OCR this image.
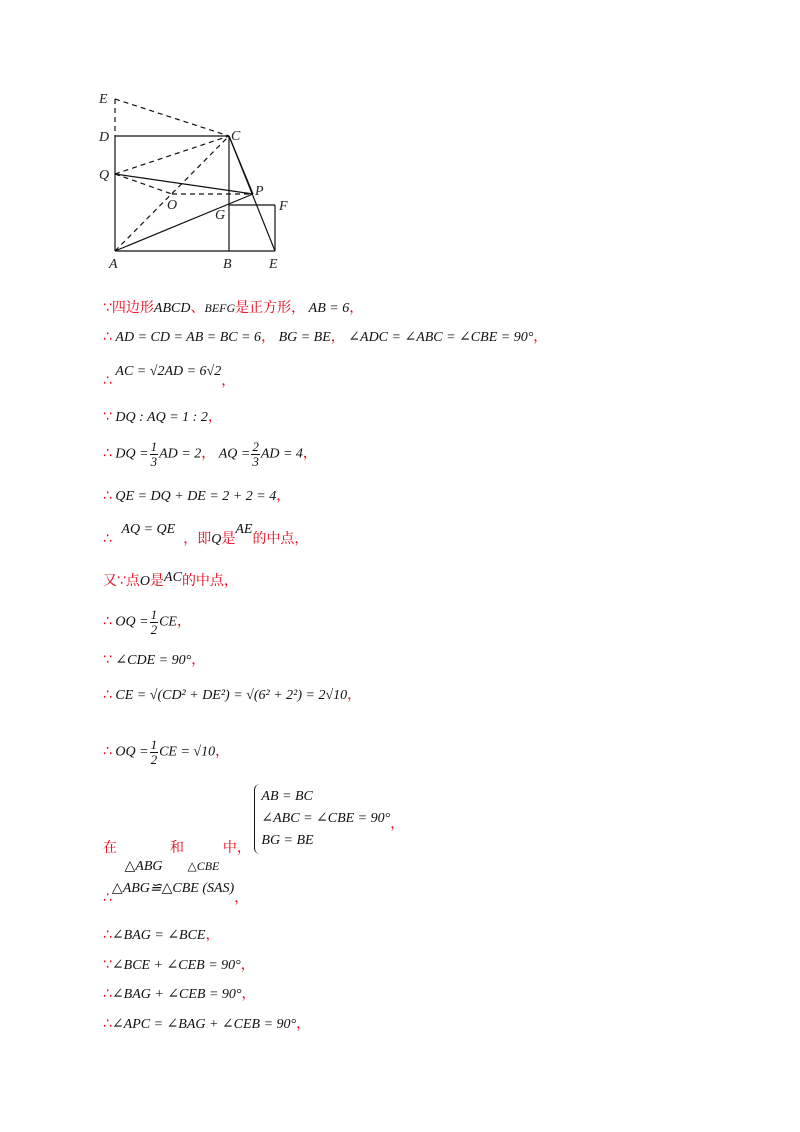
E
D	C
Q
O
P
G
F
A	B	E
∵四边形ABCD、BEFG是正方形， AB = 6，
∴ AD = CD = AB = BC = 6， BG = BE， ∠ADC = ∠ABC = ∠CBE = 90°，
∴ AC = √2AD = 6√2，
∵ DQ : AQ = 1 : 2，
∴ DQ = $\frac{1}{3}$ AD = 2， AQ = $\frac{2}{3}$ AD = 4，
∴ QE = DQ + DE = 2 + 2 = 4，
∴ AQ = QE，即Q是AE的中点，
又∵点O是AC的中点，
∴ OQ = $\frac{1}{2}$ CE，
∵ ∠CDE = 90°，
∴ CE = √(CD² + DE²) = √(6² + 2²) = 2√10，
∴ OQ = $\frac{1}{2}$ CE = √10，
在 △ABG 和 △CBE 中，
AB = BC
∠ABC = ∠CBE = 90°
BG = BE
，
∴△ABG≌△CBE (SAS)，
∴∠BAG = ∠BCE，
∵∠BCE + ∠CEB = 90°，
∴∠BAG + ∠CEB = 90°，
∴∠APC = ∠BAG + ∠CEB = 90°，
